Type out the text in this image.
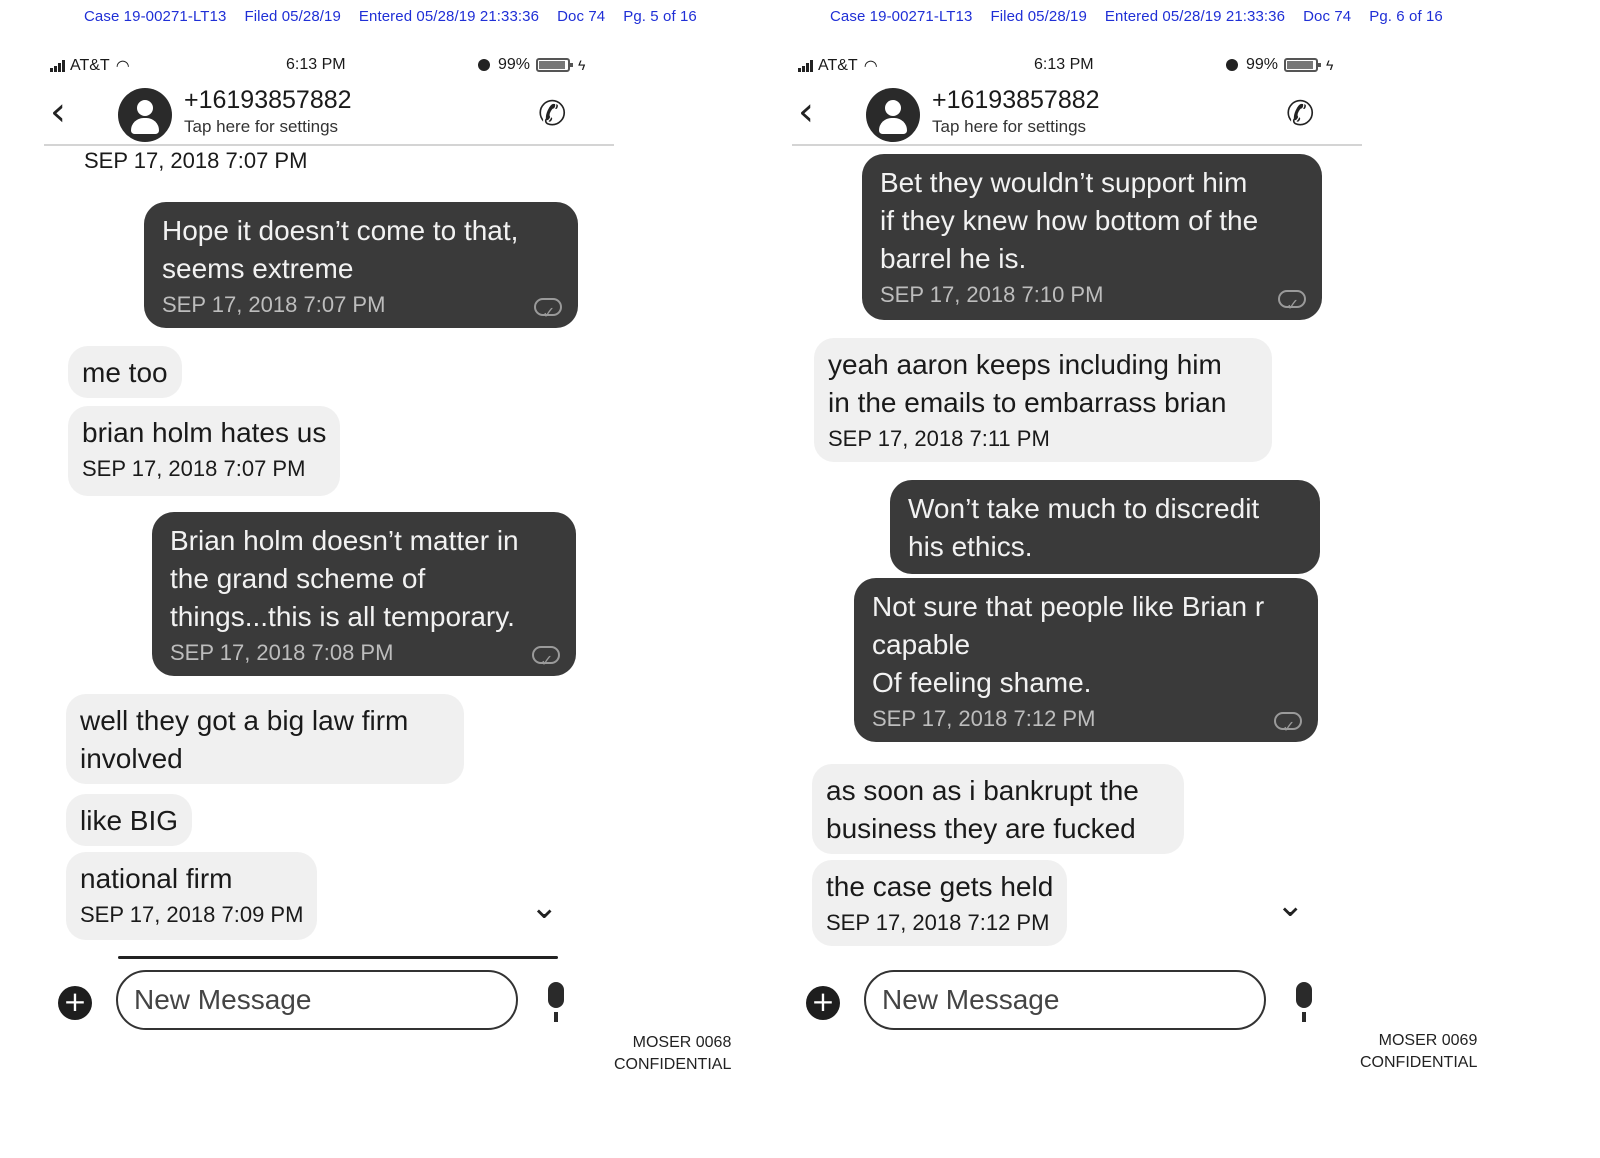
Case 19-00271-LT13 Filed 05/28/19 Entered 05/28/19 21:33:36 Doc 74 Pg. 5 of 16
AT&T ◠	6:13 PM	99%	ϟ
‹	+16193857882
Tap here for settings	✆
SEP 17, 2018 7:07 PM
Hope it doesn’t come to that,
seems extreme
SEP 17, 2018 7:07 PM
✓
me too
brian holm hates us
SEP 17, 2018 7:07 PM
Brian holm doesn’t matter in
the grand scheme of
things...this is all temporary.
SEP 17, 2018 7:08 PM
✓
well they got a big law firm
involved
like BIG
national firm
SEP 17, 2018 7:09 PM	⌄
+	New Message
MOSER 0068
CONFIDENTIAL
Case 19-00271-LT13 Filed 05/28/19 Entered 05/28/19 21:33:36 Doc 74 Pg. 6 of 16
AT&T ◠	6:13 PM	99%	ϟ
‹	+16193857882
Tap here for settings	✆
Bet they wouldn’t support him
if they knew how bottom of the
barrel he is.
SEP 17, 2018 7:10 PM
✓
yeah aaron keeps including him
in the emails to embarrass brian
SEP 17, 2018 7:11 PM
Won’t take much to discredit
his ethics.
Not sure that people like Brian r
capable
Of feeling shame.
SEP 17, 2018 7:12 PM
✓
as soon as i bankrupt the
business they are fucked
the case gets held
SEP 17, 2018 7:12 PM	⌄
+	New Message
MOSER 0069
CONFIDENTIAL
